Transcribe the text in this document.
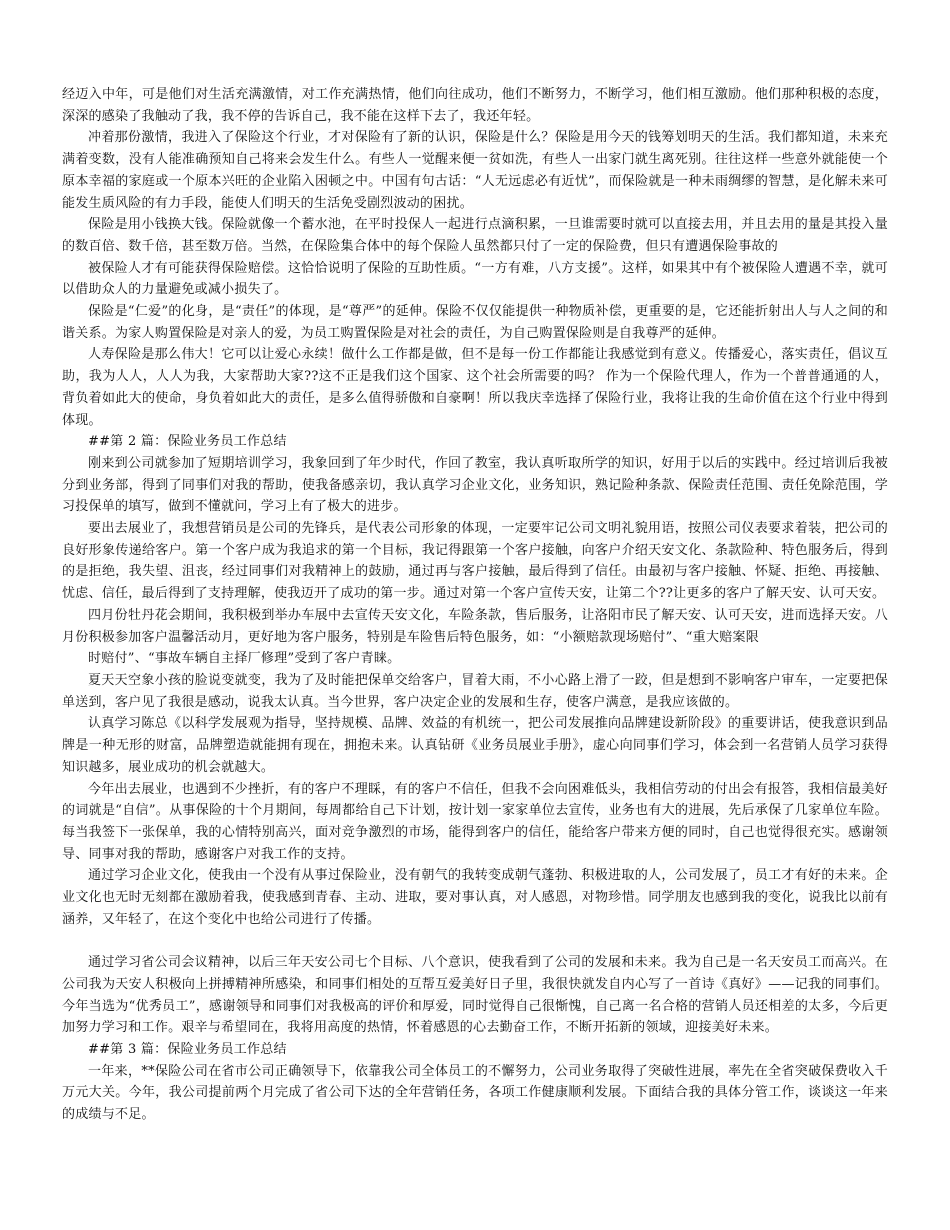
经迈入中年，可是他们对生活充满激情，对工作充满热情，他们向往成功，他们不断努力，不断学习，他们相互激励。他们那种积极的态度，深深的感染了我触动了我，我不停的告诉自己，我不能在这样下去了，我还年轻。

冲着那份激情，我进入了保险这个行业，才对保险有了新的认识，保险是什么？保险是用今天的钱筹划明天的生活。我们都知道，未来充满着变数，没有人能准确预知自己将来会发生什么。有些人一觉醒来便一贫如洗，有些人一出家门就生离死别。往往这样一些意外就能使一个原本幸福的家庭或一个原本兴旺的企业陷入困顿之中。中国有句古话：“人无远虑必有近忧”，而保险就是一种未雨绸缪的智慧，是化解未来可能发生质风险的有力手段，能使人们明天的生活免受剧烈波动的困扰。

保险是用小钱换大钱。保险就像一个蓄水池，在平时投保人一起进行点滴积累，一旦谁需要时就可以直接去用，并且去用的量是其投入量的数百倍、数千倍，甚至数万倍。当然，在保险集合体中的每个保险人虽然都只付了一定的保险费，但只有遭遇保险事故的

被保险人才有可能获得保险赔偿。这恰恰说明了保险的互助性质。“一方有难，八方支援”。这样，如果其中有个被保险人遭遇不幸，就可以借助众人的力量避免或减小损失了。

保险是“仁爱”的化身，是“责任”的体现，是“尊严”的延伸。保险不仅仅能提供一种物质补偿，更重要的是，它还能折射出人与人之间的和谐关系。为家人购置保险是对亲人的爱，为员工购置保险是对社会的责任，为自己购置保险则是自我尊严的延伸。

人寿保险是那么伟大！它可以让爱心永续！做什么工作都是做，但不是每一份工作都能让我感觉到有意义。传播爱心，落实责任，倡议互助，我为人人，人人为我，大家帮助大家??这不正是我们这个国家、这个社会所需要的吗？ 作为一个保险代理人，作为一个普普通通的人，背负着如此大的使命，身负着如此大的责任，是多么值得骄傲和自豪啊！所以我庆幸选择了保险行业，我将让我的生命价值在这个行业中得到体现。

##第 2 篇：保险业务员工作总结

刚来到公司就参加了短期培训学习，我象回到了年少时代，作回了教室，我认真听取所学的知识，好用于以后的实践中。经过培训后我被分到业务部，得到了同事们对我的帮助，使我备感亲切，我认真学习企业文化，业务知识，熟记险种条款、保险责任范围、责任免除范围，学习投保单的填写，做到不懂就问，学习上有了极大的进步。

要出去展业了，我想营销员是公司的先锋兵，是代表公司形象的体现，一定要牢记公司文明礼貌用语，按照公司仪表要求着装，把公司的良好形象传递给客户。第一个客户成为我追求的第一个目标，我记得跟第一个客户接触，向客户介绍天安文化、条款险种、特色服务后，得到的是拒绝，我失望、沮丧，经过同事们对我精神上的鼓励，通过再与客户接触，最后得到了信任。由最初与客户接触、怀疑、拒绝、再接触、忧虑、信任，最后得到了支持理解，使我迈开了成功的第一步。通过对第一个客户宣传天安，让第二个??让更多的客户了解天安、认可天安。

四月份牡丹花会期间，我积极到举办车展中去宣传天安文化，车险条款，售后服务，让洛阳市民了解天安、认可天安，进而选择天安。八月份积极参加客户温馨活动月，更好地为客户服务，特别是车险售后特色服务，如：“小额赔款现场赔付”、“重大赔案限

时赔付”、“事故车辆自主择厂修理”受到了客户青睐。

夏天天空象小孩的脸说变就变，我为了及时能把保单交给客户，冒着大雨，不小心路上滑了一跤，但是想到不影响客户审车，一定要把保单送到，客户见了我很是感动，说我太认真。当今世界，客户决定企业的发展和生存，使客户满意，是我应该做的。

认真学习陈总《以科学发展观为指导，坚持规模、品牌、效益的有机统一，把公司发展推向品牌建设新阶段》的重要讲话，使我意识到品牌是一种无形的财富，品牌塑造就能拥有现在，拥抱未来。认真钻研《业务员展业手册》，虚心向同事们学习，体会到一名营销人员学习获得知识越多，展业成功的机会就越大。

今年出去展业，也遇到不少挫折，有的客户不理睬，有的客户不信任，但我不会向困难低头，我相信劳动的付出会有报答，我相信最美好的词就是“自信”。从事保险的十个月期间，每周都给自己下计划，按计划一家家单位去宣传，业务也有大的进展，先后承保了几家单位车险。每当我签下一张保单，我的心情特别高兴，面对竞争激烈的市场，能得到客户的信任，能给客户带来方便的同时，自己也觉得很充实。感谢领导、同事对我的帮助，感谢客户对我工作的支持。

通过学习企业文化，使我由一个没有从事过保险业，没有朝气的我转变成朝气蓬勃、积极进取的人，公司发展了，员工才有好的未来。企业文化也无时无刻都在激励着我，使我感到青春、主动、进取，要对事认真，对人感恩，对物珍惜。同学朋友也感到我的变化，说我比以前有涵养，又年轻了，在这个变化中也给公司进行了传播。

通过学习省公司会议精神，以后三年天安公司七个目标、八个意识，使我看到了公司的发展和未来。我为自己是一名天安员工而高兴。在公司我为天安人积极向上拼搏精神所感染，和同事们相处的互帮互爱美好日子里，我很快就发自内心写了一首诗《真好》——记我的同事们。今年当选为“优秀员工”，感谢领导和同事们对我极高的评价和厚爱，同时觉得自己很惭愧，自己离一名合格的营销人员还相差的太多，今后更加努力学习和工作。艰辛与希望同在，我将用高度的热情，怀着感恩的心去勤奋工作，不断开拓新的领域，迎接美好未来。

##第 3 篇：保险业务员工作总结

一年来，**保险公司在省市公司正确领导下，依靠我公司全体员工的不懈努力，公司业务取得了突破性进展，率先在全省突破保费收入千万元大关。今年，我公司提前两个月完成了省公司下达的全年营销任务，各项工作健康顺利发展。下面结合我的具体分管工作，谈谈这一年来的成绩与不足。
